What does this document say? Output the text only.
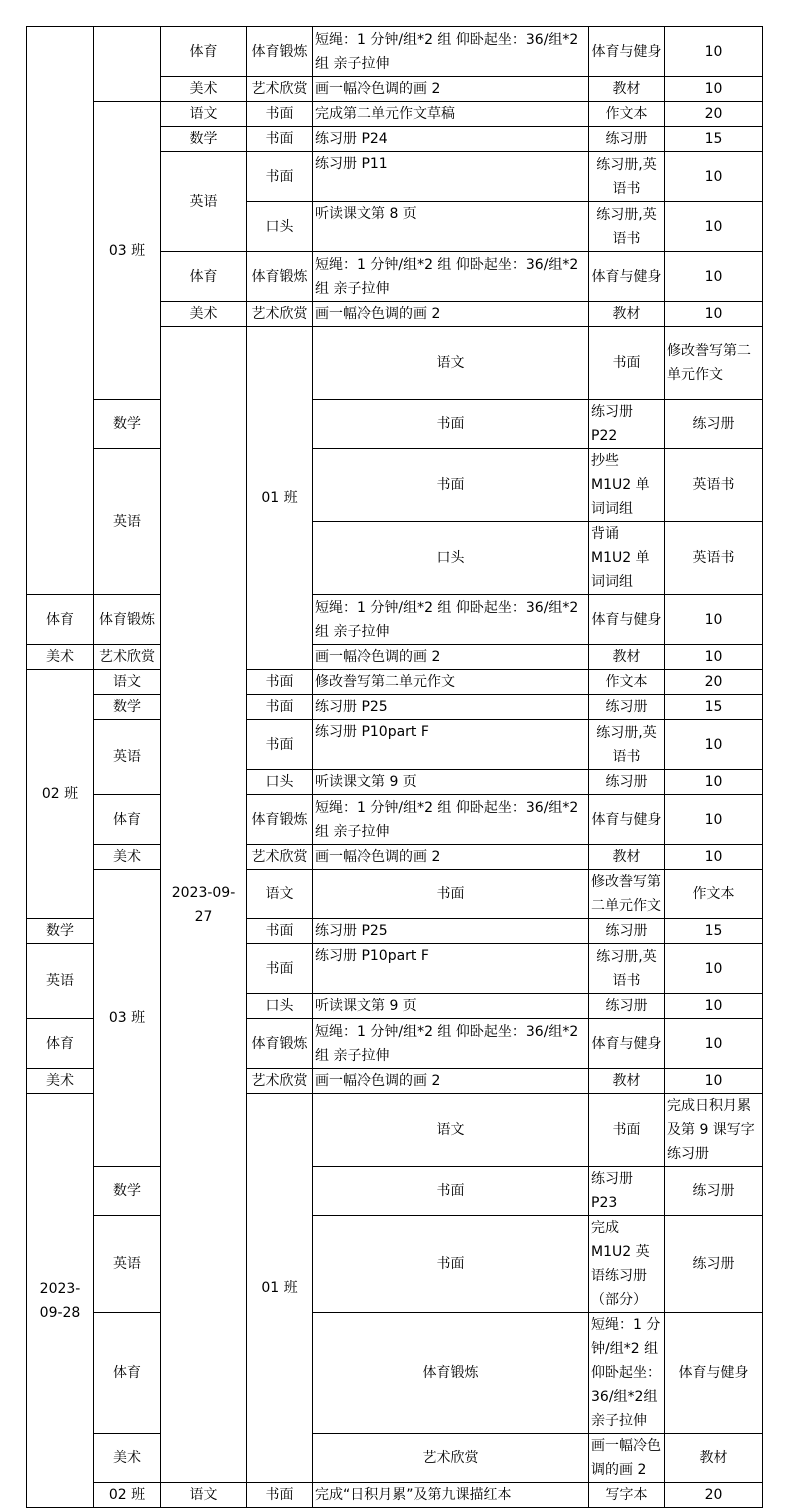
		体育	体育锻炼	短绳：1 分钟/组*2 组 仰卧起坐：36/组*2组 亲子拉伸	体育与健身	10	
		美术	艺术欣赏	画一幅冷色调的画 2	教材	10	
	03 班	语文	书面	完成第二单元作文草稿	作文本	20	
		数学	书面	练习册 P24	练习册	15	
		英语	书面	练习册 P11	练习册,英语书	10	
			口头	听读课文第 8 页	练习册,英语书	10	
		体育	体育锻炼	短绳：1 分钟/组*2 组 仰卧起坐：36/组*2组 亲子拉伸	体育与健身	10	
		美术	艺术欣赏	画一幅冷色调的画 2	教材	10	
		2023-09-27	01 班	语文	书面	修改誊写第二单元作文		
	数学			书面	练习册 P22	练习册	
	英语			书面	抄些 M1U2 单词词组	英语书	
				口头	背诵 M1U2 单词词组	英语书	
体育	体育锻炼			短绳：1 分钟/组*2 组 仰卧起坐：36/组*2组 亲子拉伸	体育与健身	10	
美术	艺术欣赏			画一幅冷色调的画 2	教材	10	
02 班	语文		书面	修改誊写第二单元作文	作文本	20	
	数学		书面	练习册 P25	练习册	15	
	英语		书面	练习册 P10part F	练习册,英语书	10	
			口头	听读课文第 9 页	练习册	10	
	体育		体育锻炼	短绳：1 分钟/组*2 组 仰卧起坐：36/组*2组 亲子拉伸	体育与健身	10	
	美术		艺术欣赏	画一幅冷色调的画 2	教材	10	
	03 班		语文	书面	修改誊写第二单元作文	作文本	
数学			书面	练习册 P25	练习册	15	
英语			书面	练习册 P10part F	练习册,英语书	10	
			口头	听读课文第 9 页	练习册	10	
体育			体育锻炼	短绳：1 分钟/组*2 组 仰卧起坐：36/组*2组 亲子拉伸	体育与健身	10	
美术			艺术欣赏	画一幅冷色调的画 2	教材	10	
2023-09-28			01 班	语文	书面	完成日积月累及第 9 课写字练习册		
	数学			书面	练习册 P23	练习册	
	英语			书面	完成 M1U2 英语练习册（部分）	练习册	
	体育			体育锻炼	短绳：1 分钟/组*2 组 仰卧起坐：36/组*2组 亲子拉伸	体育与健身	
	美术			艺术欣赏	画一幅冷色调的画 2	教材	
	02 班	语文	书面	完成“日积月累”及第九课描红本	写字本	20	
